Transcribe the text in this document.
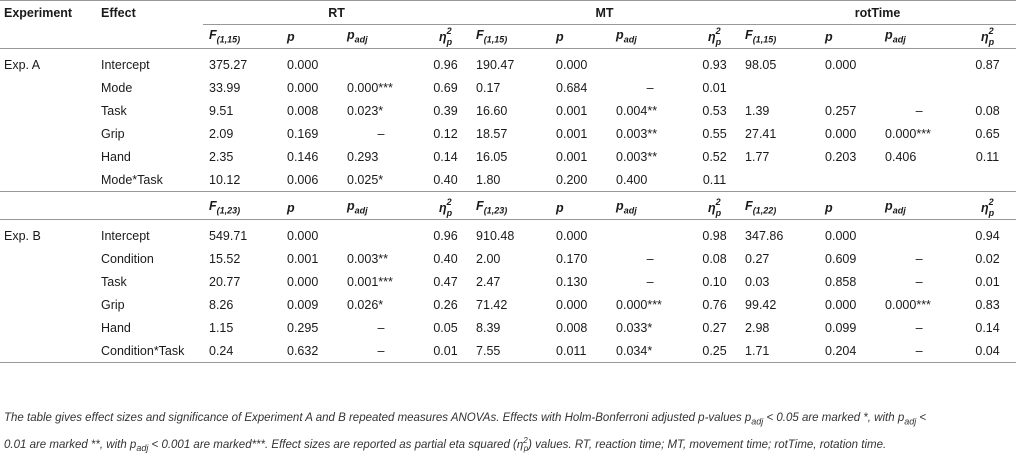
Experiment	Effect	RT				MT				rotTime			
		$F_{(1,15)}$	p	$p_{adj}$	$\eta^2_p$	$F_{(1,15)}$	p	$p_{adj}$	$\eta^2_p$	$F_{(1,15)}$	p	$p_{adj}$	$\eta^2_p$

Exp. A	Intercept	375.27	0.000		0.96	190.47	0.000		0.93	98.05	0.000		0.87
	Mode	33.99	0.000	0.000***	0.69	0.17	0.684	–	0.01				
	Task	9.51	0.008	0.023*	0.39	16.60	0.001	0.004**	0.53	1.39	0.257	–	0.08
	Grip	2.09	0.169	–	0.12	18.57	0.001	0.003**	0.55	27.41	0.000	0.000***	0.65
	Hand	2.35	0.146	0.293	0.14	16.05	0.001	0.003**	0.52	1.77	0.203	0.406	0.11
	Mode*Task	10.12	0.006	0.025*	0.40	1.80	0.200	0.400	0.11				

		$F_{(1,23)}$	p	$p_{adj}$	$\eta^2_p$	$F_{(1,23)}$	p	$p_{adj}$	$\eta^2_p$	$F_{(1,22)}$	p	$p_{adj}$	$\eta^2_p$

Exp. B	Intercept	549.71	0.000		0.96	910.48	0.000		0.98	347.86	0.000		0.94
	Condition	15.52	0.001	0.003**	0.40	2.00	0.170	–	0.08	0.27	0.609	–	0.02
	Task	20.77	0.000	0.001***	0.47	2.47	0.130	–	0.10	0.03	0.858	–	0.01
	Grip	8.26	0.009	0.026*	0.26	71.42	0.000	0.000***	0.76	99.42	0.000	0.000***	0.83
	Hand	1.15	0.295	–	0.05	8.39	0.008	0.033*	0.27	2.98	0.099	–	0.14
	Condition*Task	0.24	0.632	–	0.01	7.55	0.011	0.034*	0.25	1.71	0.204	–	0.04
The table gives effect sizes and significance of Experiment A and B repeated measures ANOVAs. Effects with Holm-Bonferroni adjusted p-values $p_{adj} < 0.05$ are marked *, with $p_{adj}$ <
0.01 are marked **, with $p_{adj} < 0.001$ are marked***. Effect sizes are reported as partial eta squared $(\eta^2_p)$ values. RT, reaction time; MT, movement time; rotTime, rotation time.
